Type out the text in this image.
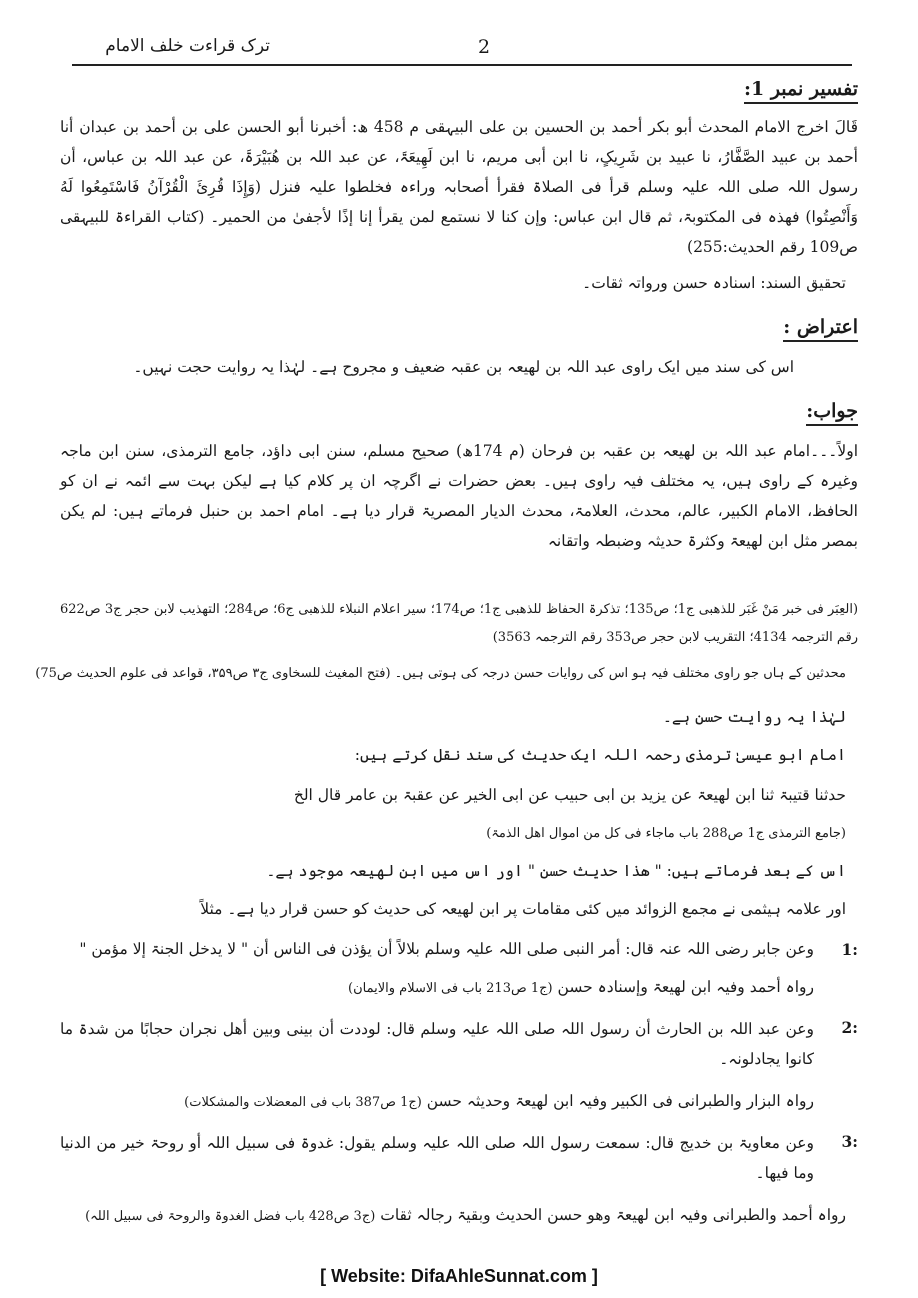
ترک قراءت خلف الامام	2
تفسیر نمبر 1:
قَالَ اخرج الامام المحدث أبو بکر أحمد بن الحسین بن علی البیہقی م 458 ھ: أخبرنا أبو الحسن علی بن أحمد بن عبدان أنا أحمد بن عبید الصَّفَّارُ، نا عبید بن شَرِیکٍ، نا ابن أبی مریم، نا ابن لَھِیعَۃَ، عن عبد اللہ بن ھُبَیْرَۃَ، عن عبد اللہ بن عباس، أن رسول اللہ صلی اللہ علیہ وسلم قرأ فی الصلاۃ فقرأ أصحابہ وراءہ فخلطوا علیہ فنزل (وَإِذَا قُرِئَ الْقُرْآنُ فَاسْتَمِعُوا لَهُ وَأَنْصِتُوا) فھذہ فی المکتوبۃ، ثم قال ابن عباس: وإن کنا لا نستمع لمن یقرأ إنا إذًا لأجفیٰ من الحمیر۔ (کتاب القراءۃ للبیہقی ص109 رقم الحدیث:255)
تحقیق السند: اسنادہ حسن ورواتہ ثقات۔
اعتراض :
اس کی سند میں ایک راوی عبد اللہ بن لھیعہ بن عقبہ ضعیف و مجروح ہے۔ لہٰذا یہ روایت حجت نہیں۔
جواب:
اولاً۔۔۔امام عبد اللہ بن لھیعہ بن عقبہ بن فرحان (م 174ھ) صحیح مسلم، سنن ابی داؤد، جامع الترمذی، سنن ابن ماجہ وغیرہ کے راوی ہیں، یہ مختلف فیہ راوی ہیں۔ بعض حضرات نے اگرچہ ان پر کلام کیا ہے لیکن بہت سے ائمہ نے ان کو الحافظ، الامام الکبیر، عالم، محدث، العلامۃ، محدث الدیار المصریۃ قرار دیا ہے۔ امام احمد بن حنبل فرماتے ہیں: لم یکن بمصر مثل ابن لھیعۃ وکثرۃ حدیثہ وضبطہ واتقانہ
(العِبَر فی خبر مَنْ غَبَر للذھبی ج1؛ ص135؛ تذکرۃ الحفاظ للذھبی ج1؛ ص174؛ سیر اعلام النبلاء للذھبی ج6؛ ص284؛ التھذیب لابن حجر ج3 ص622 رقم الترجمہ 4134؛ التقریب لابن حجر ص353 رقم الترجمہ 3563)
محدثین کے ہاں جو راوی مختلف فیہ ہو اس کی روایات حسن درجہ کی ہوتی ہیں۔ (فتح المغیث للسخاوی ج۳ ص۳۵۹، قواعد فی علوم الحدیث ص75)
لہٰذا یہ روایت حسن ہے۔
امام ابو عیسیٰ ترمذی رحمہ اللہ ایک حدیث کی سند نقل کرتے ہیں:
حدثنا قتیبۃ ثنا ابن لھیعۃ عن یزید بن ابی حبیب عن ابی الخیر عن عقبۃ بن عامر قال الخ
(جامع الترمذی ج1 ص288 باب ماجاء فی کل من اموال اھل الذمۃ)
اس کے بعد فرماتے ہیں: " ھذا حدیث حسن " اور اس میں ابن لھیعہ موجود ہے۔
اور علامہ ہیثمی نے مجمع الزوائد میں کئی مقامات پر ابن لھیعہ کی حدیث کو حسن قرار دیا ہے۔ مثلاً
1:
وعن جابر رضی اللہ عنہ قال: أمر النبی صلی اللہ علیہ وسلم بلالاً أن یؤذن فی الناس أن " لا یدخل الجنۃ إلا مؤمن "
رواہ أحمد وفیہ ابن لھیعۃ وإسنادہ حسن (ج1 ص213 باب فی الاسلام والایمان)
2:
وعن عبد اللہ بن الحارث أن رسول اللہ صلی اللہ علیہ وسلم قال: لوددت أن بینی وبین أھل نجران حجابًا من شدۃ ما کانوا یجادلونہ۔
رواہ البزار والطبرانی فی الکبیر وفیہ ابن لھیعۃ وحدیثہ حسن (ج1 ص387 باب فی المعضلات والمشکلات)
3:
وعن معاویۃ بن خدیج قال: سمعت رسول اللہ صلی اللہ علیہ وسلم یقول: غدوۃ فی سبیل اللہ أو روحۃ خیر من الدنیا وما فیھا۔
رواہ أحمد والطبرانی وفیہ ابن لھیعۃ وھو حسن الحدیث وبقیۃ رجالہ ثقات (ج3 ص428 باب فضل الغدوۃ والروحۃ فی سبیل اللہ)
[ Website: DifaAhleSunnat.com ]
